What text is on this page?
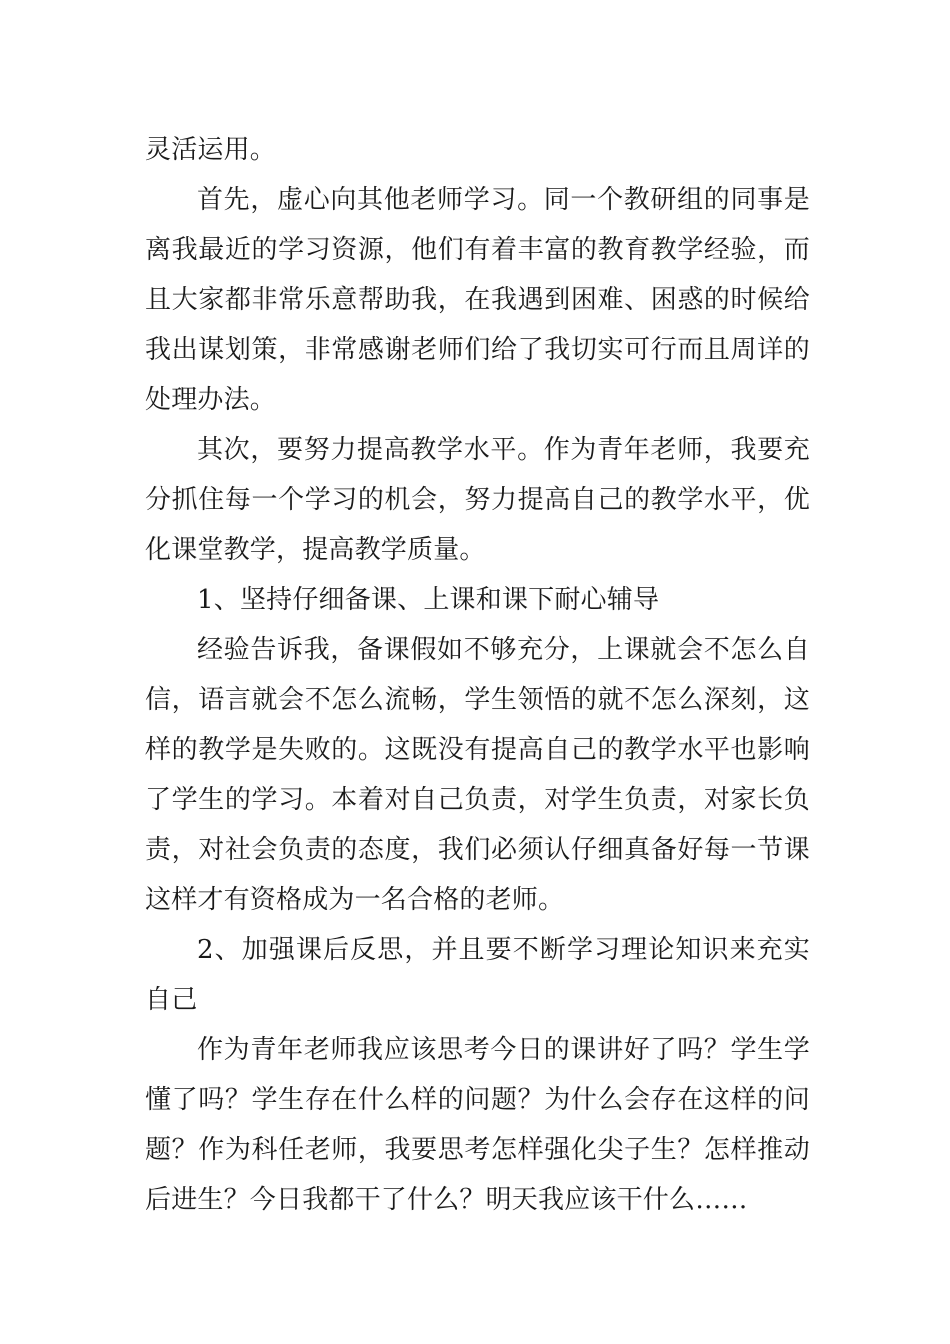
灵活运用。

首先，虚心向其他老师学习。同一个教研组的同事是离我最近的学习资源，他们有着丰富的教育教学经验，而且大家都非常乐意帮助我，在我遇到困难、困惑的时候给我出谋划策，非常感谢老师们给了我切实可行而且周详的处理办法。

其次，要努力提高教学水平。作为青年老师，我要充分抓住每一个学习的机会，努力提高自己的教学水平，优化课堂教学，提高教学质量。

1、坚持仔细备课、上课和课下耐心辅导

经验告诉我，备课假如不够充分，上课就会不怎么自信，语言就会不怎么流畅，学生领悟的就不怎么深刻，这样的教学是失败的。这既没有提高自己的教学水平也影响了学生的学习。本着对自己负责，对学生负责，对家长负责，对社会负责的态度，我们必须认仔细真备好每一节课这样才有资格成为一名合格的老师。

2、加强课后反思，并且要不断学习理论知识来充实自己

作为青年老师我应该思考今日的课讲好了吗？学生学懂了吗？学生存在什么样的问题？为什么会存在这样的问题？作为科任老师，我要思考怎样强化尖子生？怎样推动后进生？今日我都干了什么？明天我应该干什么……
